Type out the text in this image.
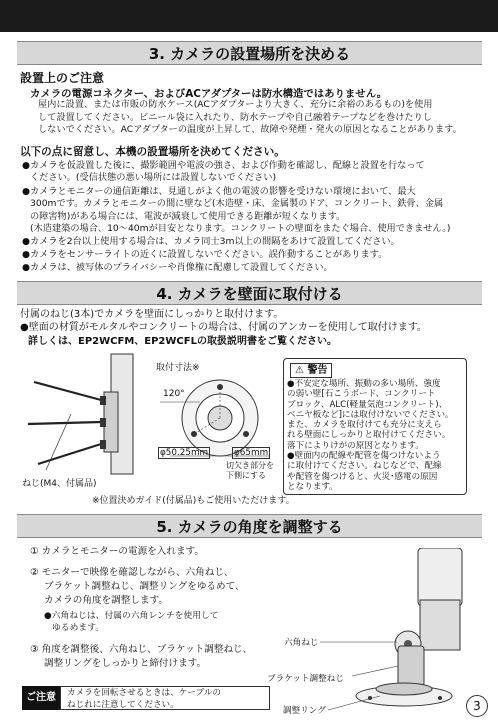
3. カメラの設置場所を決める
設置上のご注意
カメラの電源コネクター、およびACアダプターは防水構造ではありません。
屋内に設置、または市販の防水ケース(ACアダプターより大きく、充分に余裕のあるもの)を使用
して設置してください。ビニール袋に入れたり、防水テープや自己融着テープなどを巻けたりし
しないでください。ACアダプターの温度が上昇して、故障や発煙・発火の原因となることがあります。
以下の点に留意し、本機の設置場所を決めてください。
● カメラを仮設置した後に、撮影範囲や電波の強さ、および作動を確認し、配線と設置を行なって
ください。(受信状態の悪い場所には設置しないでください)
● カメラとモニターの通信距離は、見通しがよく他の電波の影響を受けない環境において、最大
300mです。カメラとモニターの間に壁など(木造壁・床、金属製のドア、コンクリート、鉄骨、金属
の障害物)がある場合には、電波が減衰して使用できる距離が短くなります。
(木造建築の場合、10～40mが目安となります。コンクリートの壁面をまたぐ場合、使用できません。)
● カメラを2台以上使用する場合は、カメラ同士3m以上の間隔をあけて設置してください。
● カメラをセンサーライトの近くに設置しないでください。誤作動することがあります。
● カメラは、被写体のプライバシーや肖像権に配慮して設置してください。
4. カメラを壁面に取付ける
付属のねじ(3本)でカメラを壁面にしっかりと取付けます。
●壁面の材質がモルタルやコンクリートの場合は、付属のアンカーを使用して取付けます。
詳しくは、EP2WCFM、EP2WCFLの取扱説明書をご覧ください。
ねじ(M4、付属品)
取付寸法※
120°
φ50.25mm	φ65mm
切欠き部分を
下側にする
※位置決めガイド(付属品)もご使用いただけます。
⚠ 警告
●不安定な場所、振動の多い場所、強度
の弱い壁[石こうボード、コンクリート
ブロック、ALC(軽量気泡コンクリート)、
ベニヤ板など]には取付けないでください。
また、カメラを取付けても充分に支えら
れる壁面にしっかりと取付けてください。
落下によりけがの原因となります。
●壁面内の配線や配管を傷つけないよう
に取付けてください。ねじなどで、配線
や配管を傷つけると、火災･感電の原因
となります。
5. カメラの角度を調整する
① カメラとモニターの電源を入れます。
② モニターで映像を確認しながら、六角ねじ、
ブラケット調整ねじ、調整リングをゆるめて、
カメラの角度を調整します。
●六角ねじは、付属の六角レンチを使用して
ゆるめます。
③ 角度を調整後、六角ねじ、ブラケット調整ねじ、
調整リングをしっかりと締付けます。
ご注意	カメラを回転させるときは、ケーブルの
ねじれに注意してください。
六角ねじ
ブラケット調整ねじ
調整リング	3
